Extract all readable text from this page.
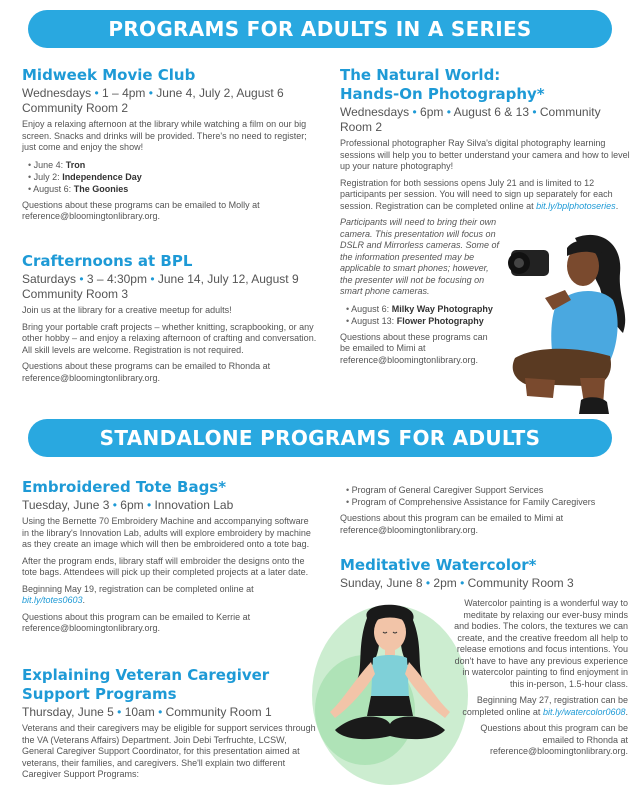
PROGRAMS FOR ADULTS IN A SERIES
Midweek Movie Club
Wednesdays • 1 – 4pm • June 4, July 2, August 6
Community Room 2

Enjoy a relaxing afternoon at the library while watching a film on our big screen. Snacks and drinks will be provided. There's no need to register; just come and enjoy the show!

• June 4: Tron
• July 2: Independence Day
• August 6: The Goonies

Questions about these programs can be emailed to Molly at reference@bloomingtonlibrary.org.

Crafternoons at BPL
Saturdays • 3 – 4:30pm • June 14, July 12, August 9
Community Room 3

Join us at the library for a creative meetup for adults!

Bring your portable craft projects – whether knitting, scrapbooking, or any other hobby – and enjoy a relaxing afternoon of crafting and conversation. All skill levels are welcome. Registration is not required.

Questions about these programs can be emailed to Rhonda at reference@bloomingtonlibrary.org.

The Natural World:
Hands-On Photography*
Wednesdays • 6pm • August 6 & 13 • Community Room 2

Professional photographer Ray Silva's digital photography learning sessions will help you to better understand your camera and how to level up your nature photography!

Registration for both sessions opens July 21 and is limited to 12 participants per session. You will need to sign up separately for each session. Registration can be completed online at bit.ly/bplphotoseries.

Participants will need to bring their own camera. This presentation will focus on DSLR and Mirrorless cameras. Some of the information presented may be applicable to smart phones; however, the presenter will not be focusing on smart phone cameras.

• August 6: Milky Way Photography
• August 13: Flower Photography

Questions about these programs can be emailed to Mimi at reference@bloomingtonlibrary.org.

STANDALONE PROGRAMS FOR ADULTS
Embroidered Tote Bags*
Tuesday, June 3 • 6pm • Innovation Lab

Using the Bernette 70 Embroidery Machine and accompanying software in the library's Innovation Lab, adults will explore embroidery by machine as they create an image which will then be embroidered onto a tote bag.

After the program ends, library staff will embroider the designs onto the tote bags. Attendees will pick up their completed projects at a later date.

Beginning May 19, registration can be completed online at
bit.ly/totes0603.

Questions about this program can be emailed to Kerrie at reference@bloomingtonlibrary.org.

Explaining Veteran Caregiver
Support Programs
Thursday, June 5 • 10am • Community Room 1

Veterans and their caregivers may be eligible for support services through the VA (Veterans Affairs) Department. Join Debi Terfruchte, LCSW, General Caregiver Support Coordinator, for this presentation aimed at veterans, their families, and caregivers. She'll explain two different Caregiver Support Programs:

• Program of General Caregiver Support Services
• Program of Comprehensive Assistance for Family Caregivers

Questions about this program can be emailed to Mimi at reference@bloomingtonlibrary.org.

Meditative Watercolor*
Sunday, June 8 • 2pm • Community Room 3

Watercolor painting is a wonderful way to meditate by relaxing our ever-busy minds and bodies. The colors, the textures we can create, and the creative freedom all help to release emotions and focus intentions. You don't have to have any previous experience in watercolor painting to find enjoyment in this in-person, 1.5-hour class.

Beginning May 27, registration can be completed online at bit.ly/watercolor0608.

Questions about this program can be emailed to Rhonda at reference@bloomingtonlibrary.org.
